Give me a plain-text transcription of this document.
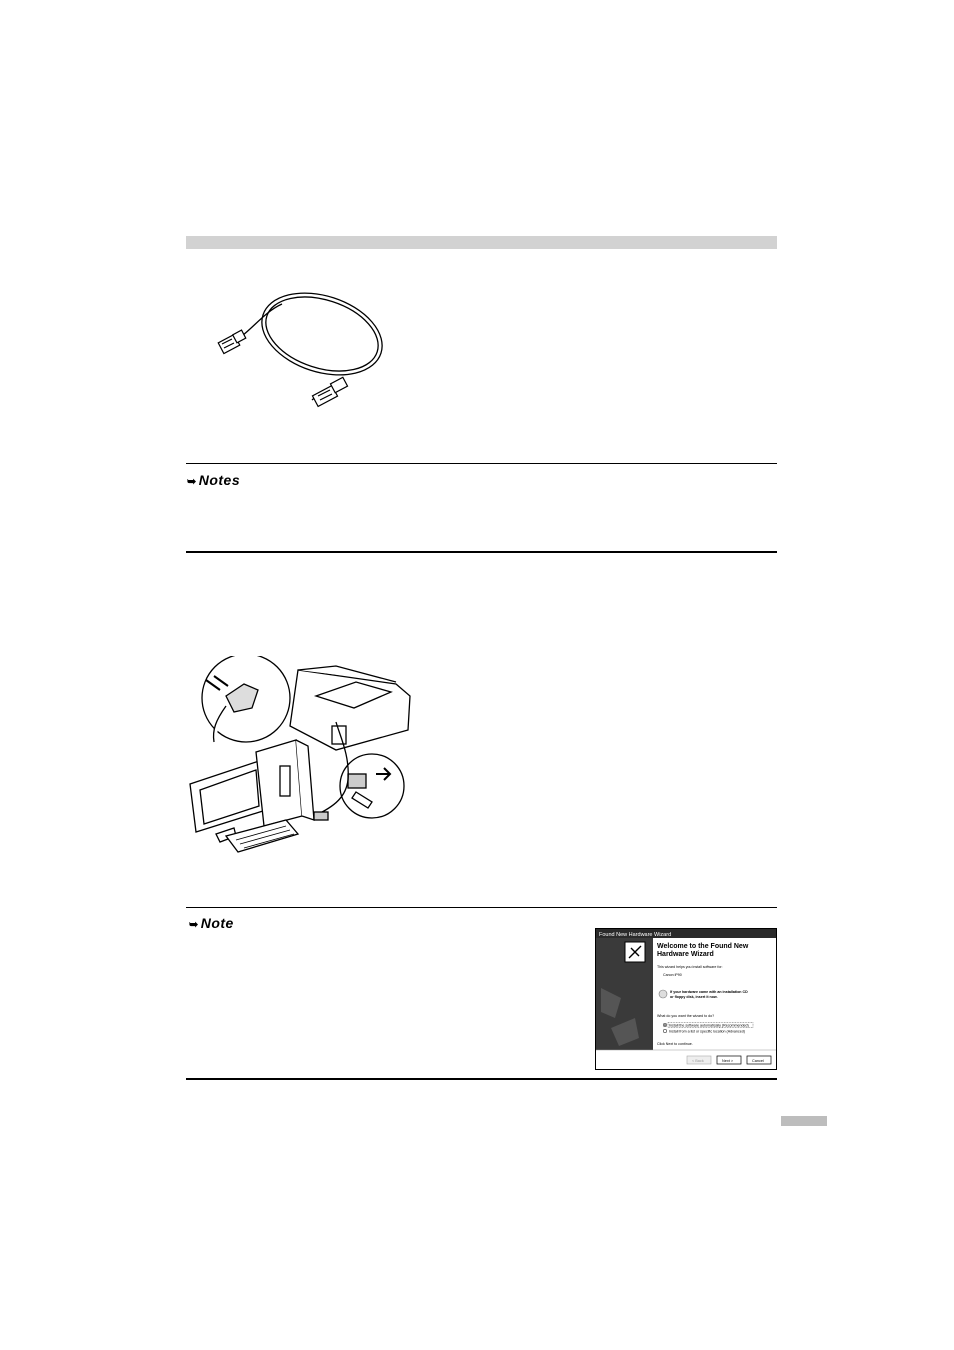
➥ Notes
➥ Note
Found New Hardware Wizard
Welcome to the Found New
Hardware Wizard
This wizard helps you install software for:
Canon iP90
If your hardware came with an installation CD
or floppy disk, insert it now.
What do you want the wizard to do?
Install the software automatically (Recommended)
Install from a list or specific location (Advanced)
Click Next to continue.
< Back	Next >	Cancel
